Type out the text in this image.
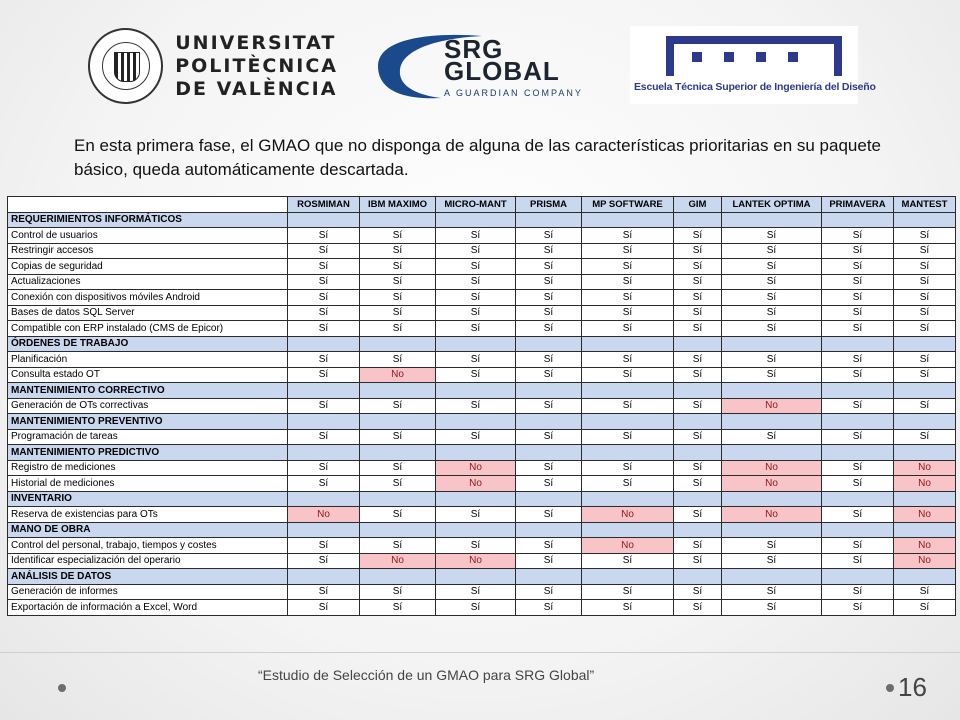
UNIVERSITAT
POLITÈCNICA
DE VALÈNCIA
SRG
GLOBAL
A GUARDIAN COMPANY	Escuela Técnica Superior de Ingeniería del Diseño

En esta primera fase, el GMAO que no disponga de alguna de las características prioritarias en su paquete básico, queda automáticamente descartada.

	ROSMIMAN	IBM MAXIMO	MICRO-MANT	PRISMA	MP SOFTWARE	GIM	LANTEK OPTIMA	PRIMAVERA	MANTEST
REQUERIMIENTOS INFORMÁTICOS									
Control de usuarios	Sí	Sí	Sí	Sí	Sí	Sí	Sí	Sí	Sí
Restringir accesos	Sí	Sí	Sí	Sí	Sí	Sí	Sí	Sí	Sí
Copias de seguridad	Sí	Sí	Sí	Sí	Sí	Sí	Sí	Sí	Sí
Actualizaciones	Sí	Sí	Sí	Sí	Sí	Sí	Sí	Sí	Sí
Conexión con dispositivos móviles Android	Sí	Sí	Sí	Sí	Sí	Sí	Sí	Sí	Sí
Bases de datos SQL Server	Sí	Sí	Sí	Sí	Sí	Sí	Sí	Sí	Sí
Compatible con ERP instalado (CMS de Epicor)	Sí	Sí	Sí	Sí	Sí	Sí	Sí	Sí	Sí
ÓRDENES DE TRABAJO									
Planificación	Sí	Sí	Sí	Sí	Sí	Sí	Sí	Sí	Sí
Consulta estado OT	Sí	No	Sí	Sí	Sí	Sí	Sí	Sí	Sí
MANTENIMIENTO CORRECTIVO									
Generación de OTs correctivas	Sí	Sí	Sí	Sí	Sí	Sí	No	Sí	Sí
MANTENIMIENTO PREVENTIVO									
Programación de tareas	Sí	Sí	Sí	Sí	Sí	Sí	Sí	Sí	Sí
MANTENIMIENTO PREDICTIVO									
Registro de mediciones	Sí	Sí	No	Sí	Sí	Sí	No	Sí	No
Historial de mediciones	Sí	Sí	No	Sí	Sí	Sí	No	Sí	No
INVENTARIO									
Reserva de existencias para OTs	No	Sí	Sí	Sí	No	Sí	No	Sí	No
MANO DE OBRA									
Control del personal, trabajo, tiempos y costes	Sí	Sí	Sí	Sí	No	Sí	Sí	Sí	No
Identificar especialización del operario	Sí	No	No	Sí	Sí	Sí	Sí	Sí	No
ANÁLISIS DE DATOS									
Generación de informes	Sí	Sí	Sí	Sí	Sí	Sí	Sí	Sí	Sí
Exportación de información a Excel, Word	Sí	Sí	Sí	Sí	Sí	Sí	Sí	Sí	Sí
“Estudio de Selección de un GMAO para SRG Global”	16
